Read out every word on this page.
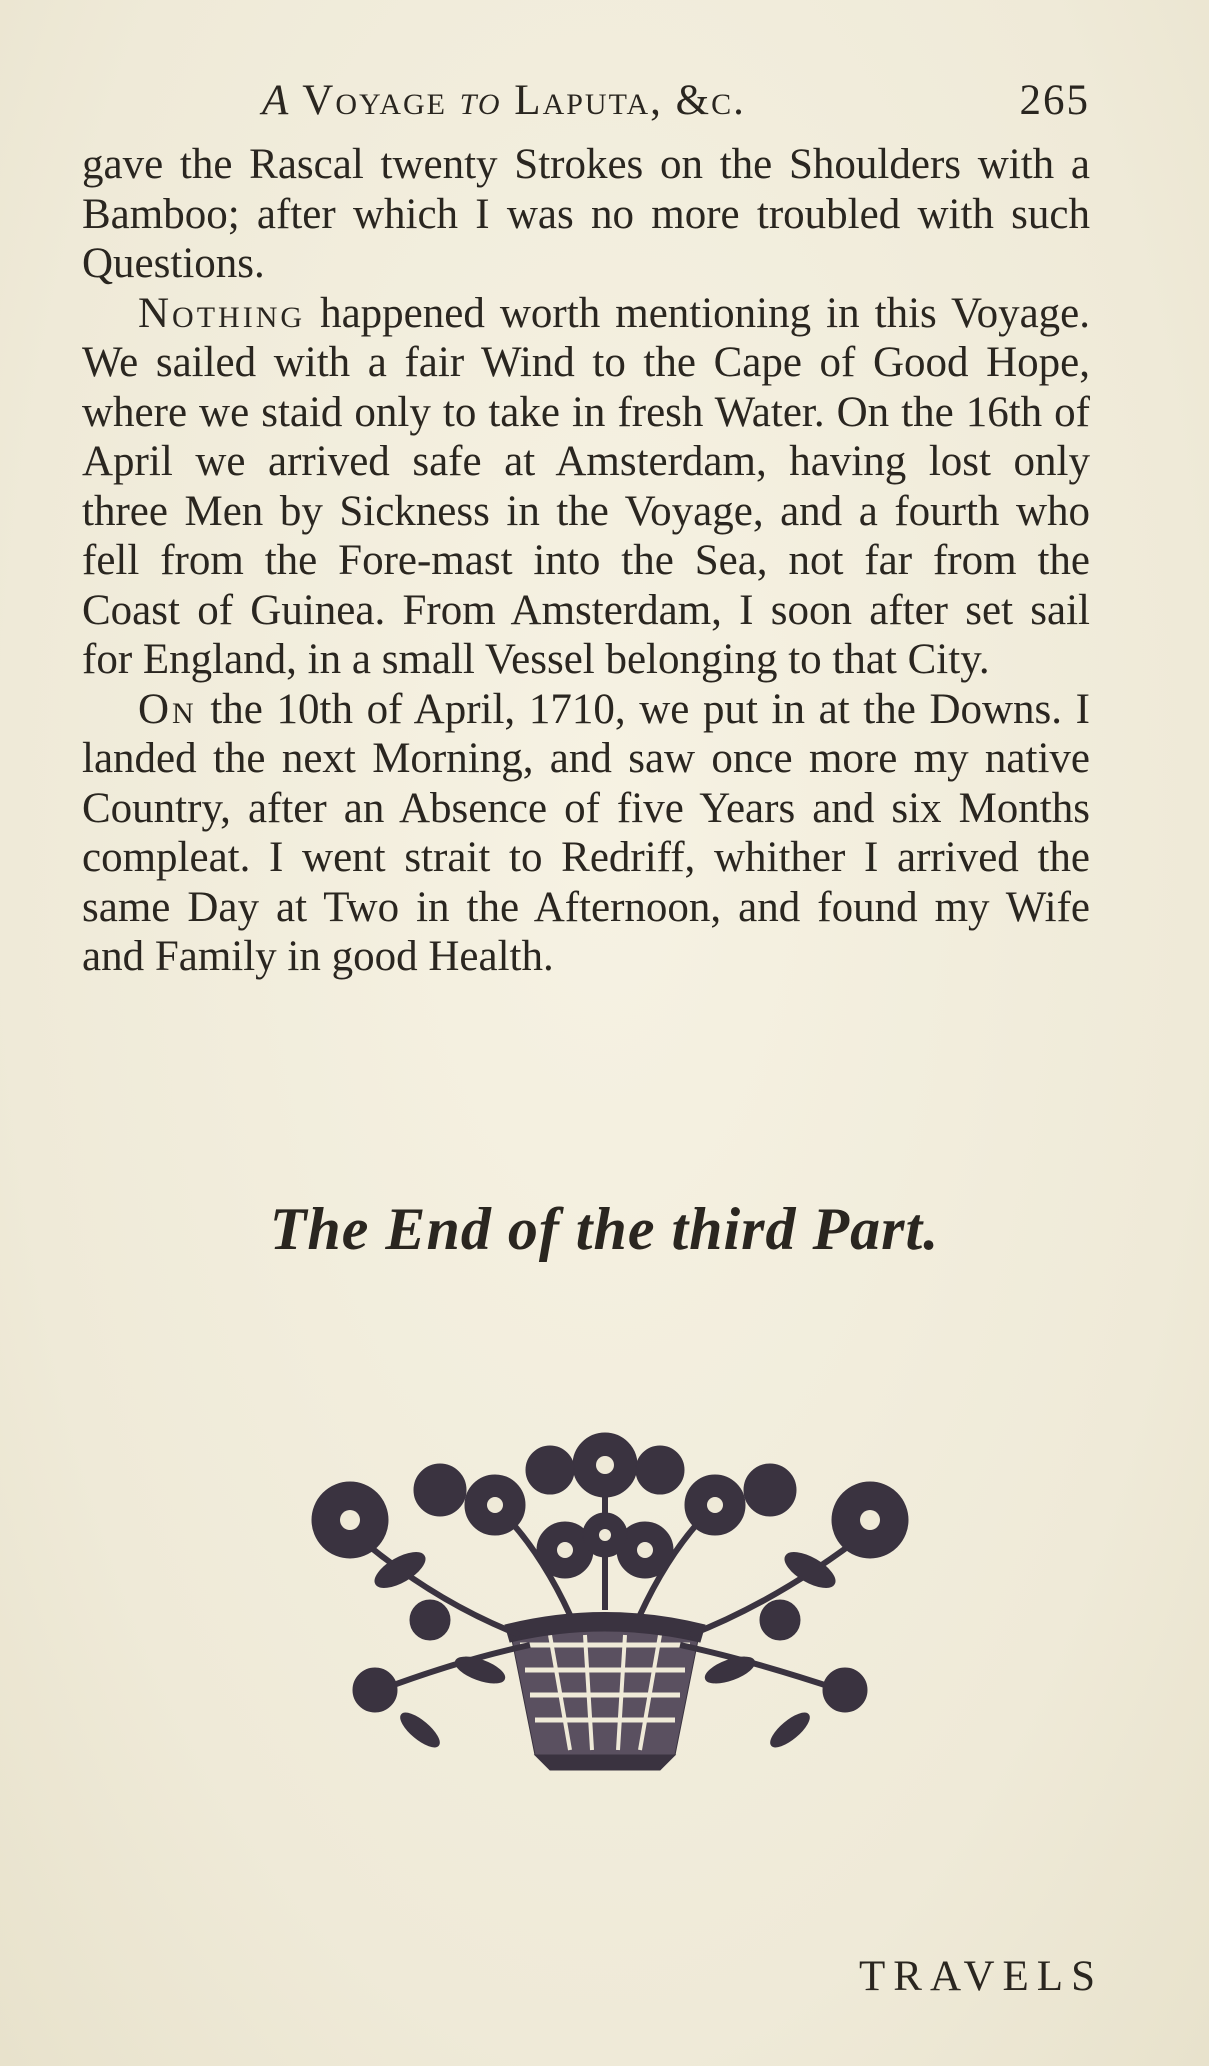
A Voyage to Laputa, &c.	265

gave the Rascal twenty Strokes on the Shoulders with a Bamboo; after which I was no more troubled with such Questions.

Nothing happened worth mentioning in this Voyage. We sailed with a fair Wind to the Cape of Good Hope, where we staid only to take in fresh Water. On the 16th of April we arrived safe at Amsterdam, having lost only three Men by Sickness in the Voyage, and a fourth who fell from the Fore-mast into the Sea, not far from the Coast of Guinea. From Amsterdam, I soon after set sail for England, in a small Vessel belonging to that City.

On the 10th of April, 1710, we put in at the Downs. I landed the next Morning, and saw once more my native Country, after an Absence of five Years and six Months compleat. I went strait to Redriff, whither I arrived the same Day at Two in the Afternoon, and found my Wife and Family in good Health.

The End of the third Part.
TRAVELS
